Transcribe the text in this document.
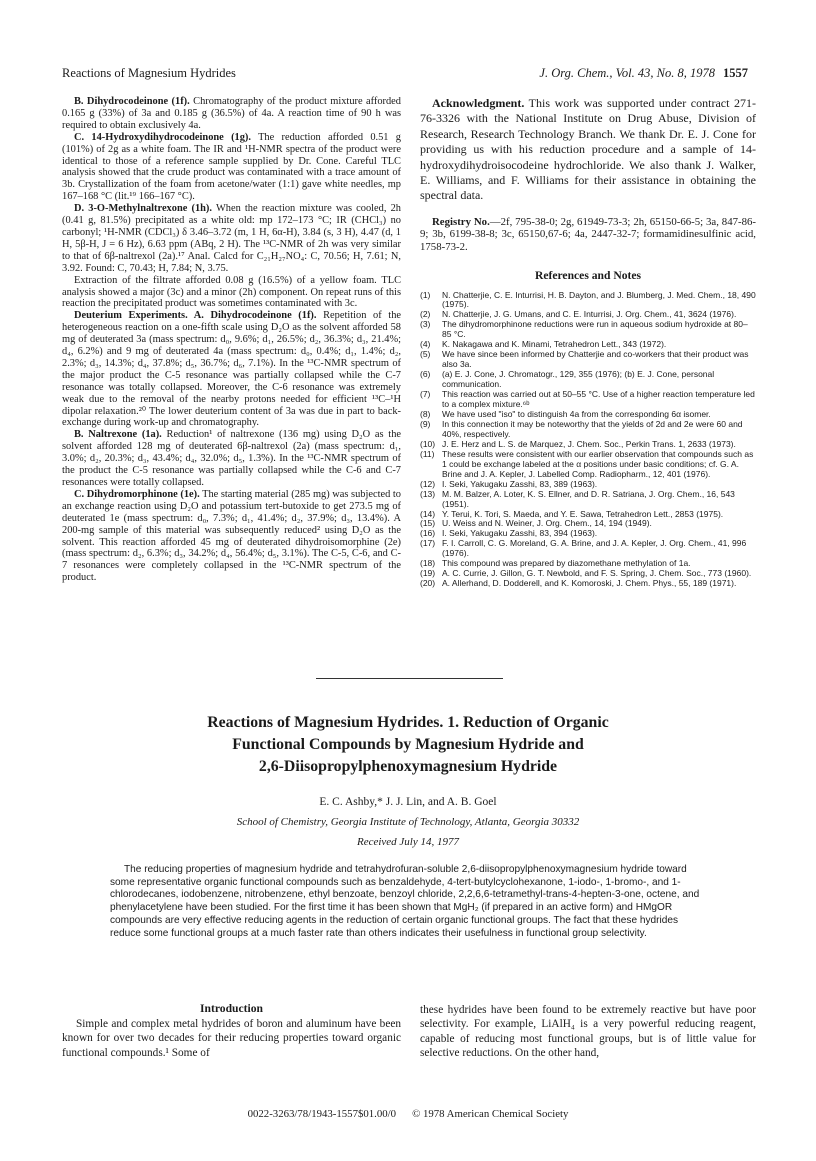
Reactions of Magnesium Hydrides	J. Org. Chem., Vol. 43, No. 8, 1978 1557

B. Dihydrocodeinone (1f). Chromatography of the product mixture afforded 0.165 g (33%) of 3a and 0.185 g (36.5%) of 4a. A reaction time of 90 h was required to obtain exclusively 4a.

C. 14-Hydroxydihydrocodeinone (1g). The reduction afforded 0.51 g (101%) of 2g as a white foam. The IR and ¹H-NMR spectra of the product were identical to those of a reference sample supplied by Dr. Cone. Careful TLC analysis showed that the crude product was contaminated with a trace amount of 3b. Crystallization of the foam from acetone/water (1:1) gave white needles, mp 167–168 °C (lit.¹⁹ 166–167 °C).

D. 3-O-Methylnaltrexone (1h). When the reaction mixture was cooled, 2h (0.41 g, 81.5%) precipitated as a white old: mp 172–173 °C; IR (CHCl₃) no carbonyl; ¹H-NMR (CDCl₃) δ 3.46–3.72 (m, 1 H, 6α-H), 3.84 (s, 3 H), 4.47 (d, 1 H, 5β-H, J = 6 Hz), 6.63 ppm (ABq, 2 H). The ¹³C-NMR of 2h was very similar to that of 6β-naltrexol (2a).¹⁷ Anal. Calcd for C₂₁H₂₇NO₄: C, 70.56; H, 7.61; N, 3.92. Found: C, 70.43; H, 7.84; N, 3.75.

Extraction of the filtrate afforded 0.08 g (16.5%) of a yellow foam. TLC analysis showed a major (3c) and a minor (2h) component. On repeat runs of this reaction the precipitated product was sometimes contaminated with 3c.

Deuterium Experiments. A. Dihydrocodeinone (1f). Repetition of the heterogeneous reaction on a one-fifth scale using D₂O as the solvent afforded 58 mg of deuterated 3a (mass spectrum: d₀, 9.6%; d₁, 26.5%; d₂, 36.3%; d₃, 21.4%; d₄, 6.2%) and 9 mg of deuterated 4a (mass spectrum: d₀, 0.4%; d₁, 1.4%; d₂, 2.3%; d₃, 14.3%; d₄, 37.8%; d₅, 36.7%; d₆, 7.1%). In the ¹³C-NMR spectrum of the major product the C-5 resonance was partially collapsed while the C-7 resonance was totally collapsed. Moreover, the C-6 resonance was extremely weak due to the removal of the nearby protons needed for efficient ¹³C–¹H dipolar relaxation.²⁰ The lower deuterium content of 3a was due in part to back-exchange during work-up and chromatography.

B. Naltrexone (1a). Reduction¹ of naltrexone (136 mg) using D₂O as the solvent afforded 128 mg of deuterated 6β-naltrexol (2a) (mass spectrum: d₁, 3.0%; d₂, 20.3%; d₃, 43.4%; d₄, 32.0%; d₅, 1.3%). In the ¹³C-NMR spectrum of the product the C-5 resonance was partially collapsed while the C-6 and C-7 resonances were totally collapsed.

C. Dihydromorphinone (1e). The starting material (285 mg) was subjected to an exchange reaction using D₂O and potassium tert-butoxide to get 273.5 mg of deuterated 1e (mass spectrum: d₀, 7.3%; d₁, 41.4%; d₂, 37.9%; d₃, 13.4%). A 200-mg sample of this material was subsequently reduced² using D₂O as the solvent. This reaction afforded 45 mg of deuterated dihydroisomorphine (2e) (mass spectrum: d₂, 6.3%; d₃, 34.2%; d₄, 56.4%; d₅, 3.1%). The C-5, C-6, and C-7 resonances were completely collapsed in the ¹³C-NMR spectrum of the product.

Acknowledgment. This work was supported under contract 271-76-3326 with the National Institute on Drug Abuse, Division of Research, Research Technology Branch. We thank Dr. E. J. Cone for providing us with his reduction procedure and a sample of 14-hydroxydihydroisocodeine hydrochloride. We also thank J. Walker, E. Williams, and F. Williams for their assistance in obtaining the spectral data.

Registry No.—2f, 795-38-0; 2g, 61949-73-3; 2h, 65150-66-5; 3a, 847-86-9; 3b, 6199-38-8; 3c, 65150,67-6; 4a, 2447-32-7; formamidinesulfinic acid, 1758-73-2.

References and Notes
(1)	N. Chatterjie, C. E. Inturrisi, H. B. Dayton, and J. Blumberg, J. Med. Chem., 18, 490 (1975).
(2)	N. Chatterjie, J. G. Umans, and C. E. Inturrisi, J. Org. Chem., 41, 3624 (1976).
(3)	The dihydromorphinone reductions were run in aqueous sodium hydroxide at 80–85 °C.
(4)	K. Nakagawa and K. Minami, Tetrahedron Lett., 343 (1972).
(5)	We have since been informed by Chatterjie and co-workers that their product was also 3a.
(6)	(a) E. J. Cone, J. Chromatogr., 129, 355 (1976); (b) E. J. Cone, personal communication.
(7)	This reaction was carried out at 50–55 °C. Use of a higher reaction temperature led to a complex mixture.⁶ᵇ
(8)	We have used "iso" to distinguish 4a from the corresponding 6α isomer.
(9)	In this connection it may be noteworthy that the yields of 2d and 2e were 60 and 40%, respectively.
(10) J. E. Herz and L. S. de Marquez, J. Chem. Soc., Perkin Trans. 1, 2633 (1973).
(11) These results were consistent with our earlier observation that compounds such as 1 could be exchange labeled at the α positions under basic conditions; cf. G. A. Brine and J. A. Kepler, J. Labelled Comp. Radiopharm., 12, 401 (1976).
(12) I. Seki, Yakugaku Zasshi, 83, 389 (1963).
(13) M. M. Balzer, A. Loter, K. S. Ellner, and D. R. Satriana, J. Org. Chem., 16, 543 (1951).
(14) Y. Terui, K. Tori, S. Maeda, and Y. E. Sawa, Tetrahedron Lett., 2853 (1975).
(15) U. Weiss and N. Weiner, J. Org. Chem., 14, 194 (1949).
(16) I. Seki, Yakugaku Zasshi, 83, 394 (1963).
(17) F. I. Carroll, C. G. Moreland, G. A. Brine, and J. A. Kepler, J. Org. Chem., 41, 996 (1976).
(18) This compound was prepared by diazomethane methylation of 1a.
(19) A. C. Currie, J. Gillon, G. T. Newbold, and F. S. Spring, J. Chem. Soc., 773 (1960).
(20) A. Allerhand, D. Dodderell, and K. Komoroski, J. Chem. Phys., 55, 189 (1971).
Reactions of Magnesium Hydrides. 1. Reduction of Organic
Functional Compounds by Magnesium Hydride and
2,6-Diisopropylphenoxymagnesium Hydride
E. C. Ashby,* J. J. Lin, and A. B. Goel
School of Chemistry, Georgia Institute of Technology, Atlanta, Georgia 30332
Received July 14, 1977

The reducing properties of magnesium hydride and tetrahydrofuran-soluble 2,6-diisopropylphenoxymagnesium hydride toward some representative organic functional compounds such as benzaldehyde, 4-tert-butylcyclohexanone, 1-iodo-, 1-bromo-, and 1-chlorodecanes, iodobenzene, nitrobenzene, ethyl benzoate, benzoyl chloride, 2,2,6,6-tetramethyl-trans-4-hepten-3-one, octene, and phenylacetylene have been studied. For the first time it has been shown that MgH₂ (if prepared in an active form) and HMgOR compounds are very effective reducing agents in the reduction of certain organic functional groups. The fact that these hydrides reduce some functional groups at a much faster rate than others indicates their usefulness in functional group selectivity.

Introduction

Simple and complex metal hydrides of boron and aluminum have been known for over two decades for their reducing properties toward organic functional compounds.¹ Some of

these hydrides have been found to be extremely reactive but have poor selectivity. For example, LiAlH₄ is a very powerful reducing reagent, capable of reducing most functional groups, but is of little value for selective reductions. On the other hand,

0022-3263/78/1943-1557$01.00/0 © 1978 American Chemical Society
